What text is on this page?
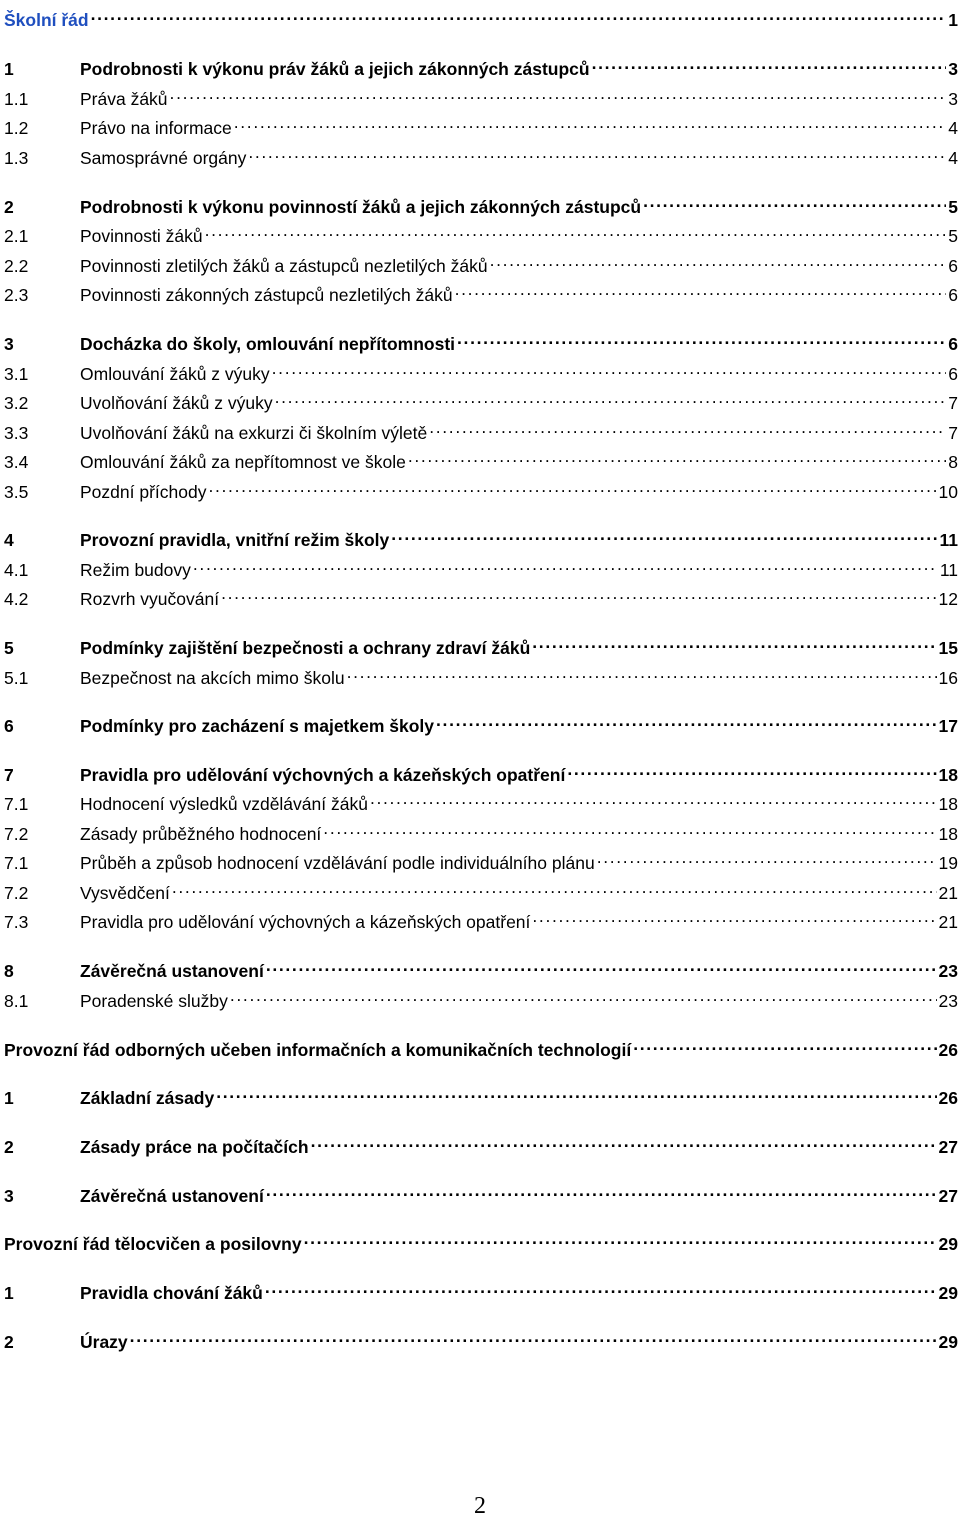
Školní řád . . .	1
1	Podrobnosti k výkonu práv žáků a jejich zákonných zástupců . . .	3
1.1	Práva žáků . . .	3
1.2	Právo na informace . . .	4
1.3	Samosprávné orgány . . .	4
2	Podrobnosti k výkonu povinností žáků a jejich zákonných zástupců . . .	5
2.1	Povinnosti žáků . . .	5
2.2	Povinnosti zletilých žáků a zástupců nezletilých žáků . . .	6
2.3	Povinnosti zákonných zástupců nezletilých žáků . . .	6
3	Docházka do školy, omlouvání nepřítomnosti . . .	6
3.1	Omlouvání žáků z výuky . . .	6
3.2	Uvolňování žáků z výuky . . .	7
3.3	Uvolňování žáků na exkurzi či školním výletě . . .	7
3.4	Omlouvání žáků za nepřítomnost ve škole . . .	8
3.5	Pozdní příchody . . .	10
4	Provozní pravidla, vnitřní režim školy . . .	11
4.1	Režim budovy . . .	11
4.2	Rozvrh vyučování . . .	12
5	Podmínky zajištění bezpečnosti a ochrany zdraví žáků . . .	15
5.1	Bezpečnost na akcích mimo školu . . .	16
6	Podmínky pro zacházení s majetkem školy . . .	17
7	Pravidla pro udělování výchovných a kázeňských opatření . . .	18
7.1	Hodnocení výsledků vzdělávání žáků . . .	18
7.2	Zásady průběžného hodnocení . . .	18
7.1	Průběh a způsob hodnocení vzdělávání podle individuálního plánu . . .	19
7.2	Vysvědčení . . .	21
7.3	Pravidla pro udělování výchovných a kázeňských opatření . . .	21
8	Závěrečná ustanovení . . .	23
8.1	Poradenské služby . . .	23
Provozní řád odborných učeben informačních a komunikačních technologií . . .	26
1	Základní zásady . . .	26
2	Zásady práce na počítačích . . .	27
3	Závěrečná ustanovení . . .	27
Provozní řád tělocvičen a posilovny . . .	29
1	Pravidla chování žáků . . .	29
2	Úrazy . . .	29
2
